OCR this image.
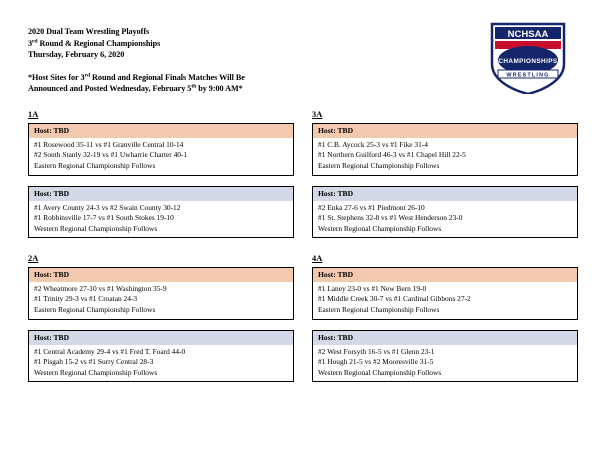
2020 Dual Team Wrestling Playoffs
3rd Round & Regional Championships
Thursday, February 6, 2020
*Host Sites for 3rd Round and Regional Finals Matches Will Be
Announced and Posted Wednesday, February 5th by 9:00 AM*
NCHSAA
CHAMPIONSHIPS
WRESTLING
1A
Host: TBD
#1 Rosewood 35-11 vs #1 Granville Central 10-14
#2 South Stanly 32-19 vs #1 Uwharrie Charter 40-1
Eastern Regional Championship Follows
Host: TBD
#1 Avery County 24-3 vs #2 Swain County 30-12
#1 Robbinsville 17-7 vs #1 South Stokes 19-10
Western Regional Championship Follows
3A
Host: TBD
#1 C.B. Aycock 25-3 vs #1 Fike 31-4
#1 Northern Guilford 46-3 vs #1 Chapel Hill 22-5
Eastern Regional Championship Follows
Host: TBD
#2 Enka 27-6 vs #1 Piedmont 26-10
#1 St. Stephens 32-8 vs #1 West Henderson 23-0
Western Regional Championship Follows
2A
Host: TBD
#2 Wheatmore 27-10 vs #1 Washington 35-9
#1 Trinity 29-3 vs #1 Croatan 24-3
Eastern Regional Championship Follows
Host: TBD
#1 Central Academy 29-4 vs #1 Fred T. Foard 44-0
#1 Pisgah 15-2 vs #1 Surry Central 28-3
Western Regional Championship Follows
4A
Host: TBD
#1 Laney 23-0 vs #1 New Bern 19-0
#1 Middle Creek 30-7 vs #1 Cardinal Gibbons 27-2
Eastern Regional Championship Follows
Host: TBD
#2 West Forsyth 16-5 vs #1 Glenn 23-1
#1 Hough 21-5 vs #2 Mooresville 31-5
Western Regional Championship Follows
